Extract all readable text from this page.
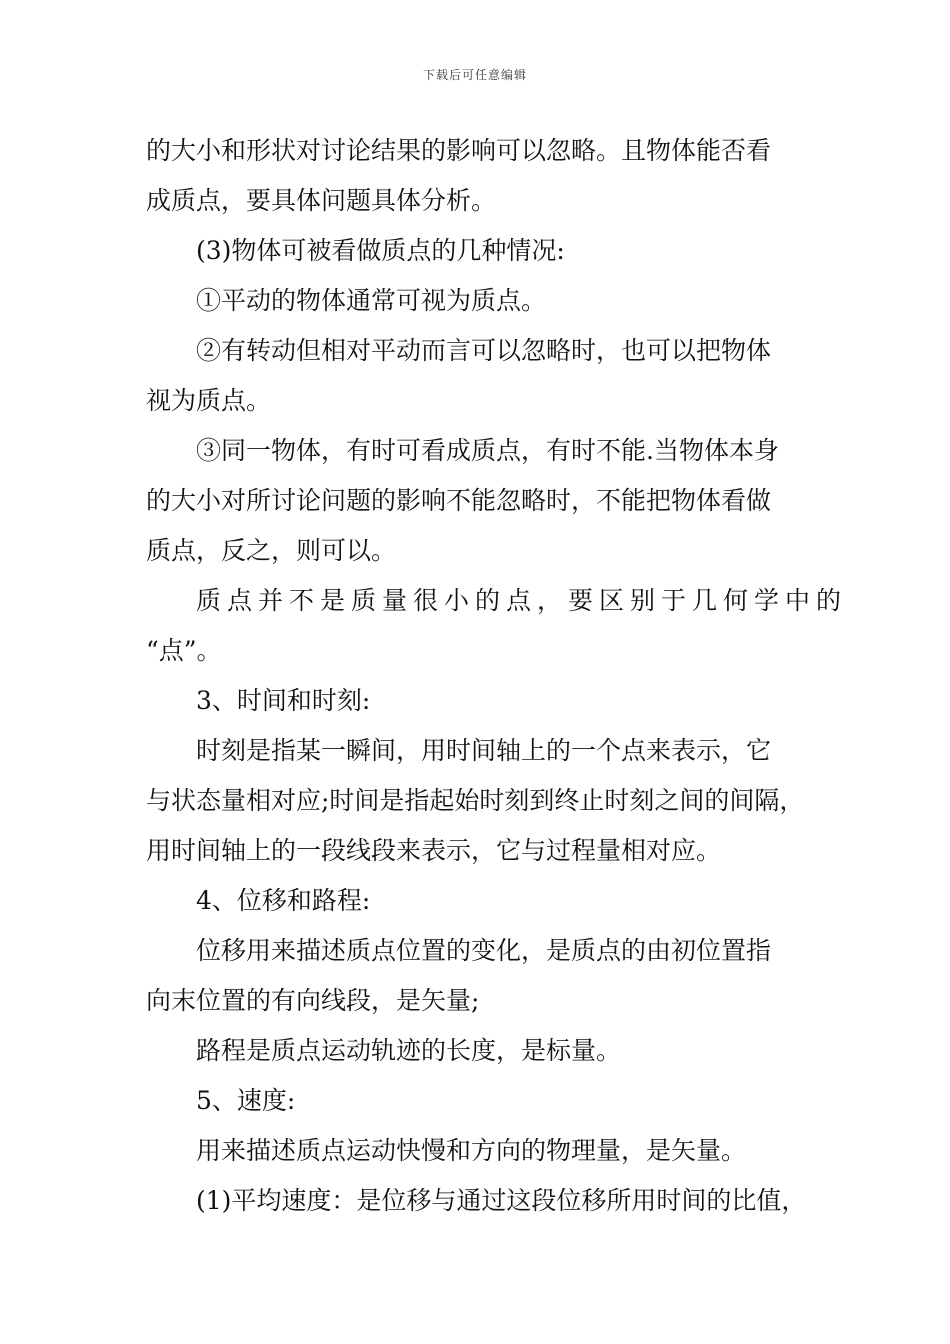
下载后可任意编辑
的大小和形状对讨论结果的影响可以忽略。且物体能否看
成质点，要具体问题具体分析。
(3)物体可被看做质点的几种情况:
①平动的物体通常可视为质点。
②有转动但相对平动而言可以忽略时，也可以把物体
视为质点。
③同一物体，有时可看成质点，有时不能.当物体本身
的大小对所讨论问题的影响不能忽略时，不能把物体看做
质点，反之，则可以。
质点并不是质量很小的点，要区别于几何学中的
“点”。
3、时间和时刻:
时刻是指某一瞬间，用时间轴上的一个点来表示，它
与状态量相对应;时间是指起始时刻到终止时刻之间的间隔，
用时间轴上的一段线段来表示，它与过程量相对应。
4、位移和路程:
位移用来描述质点位置的变化，是质点的由初位置指
向末位置的有向线段，是矢量;
路程是质点运动轨迹的长度，是标量。
5、速度:
用来描述质点运动快慢和方向的物理量，是矢量。
(1)平均速度：是位移与通过这段位移所用时间的比值，
